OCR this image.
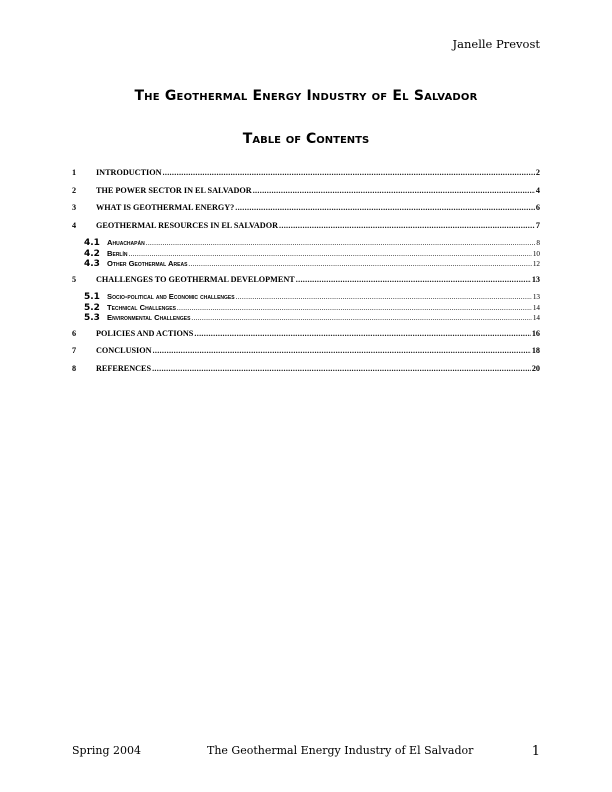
Janelle Prevost
The Geothermal Energy Industry of El Salvador
Table of Contents
1	INTRODUCTION .....	2
2	THE POWER SECTOR IN EL SALVADOR .....	4
3	WHAT IS GEOTHERMAL ENERGY? .....	6
4	GEOTHERMAL RESOURCES IN EL SALVADOR .....	7
4.1 Ahuachapán .....	8
4.2 Berlín .....	10
4.3 Other Geothermal Areas .....	12
5	CHALLENGES TO GEOTHERMAL DEVELOPMENT .....	13
5.1 Socio-political and Economic challenges .....	13
5.2 Technical Challenges .....	14
5.3 Environmental Challenges .....	14
6	POLICIES AND ACTIONS .....	16
7	CONCLUSION .....	18
8	REFERENCES .....	20
Spring 2004	The Geothermal Energy Industry of El Salvador	1
